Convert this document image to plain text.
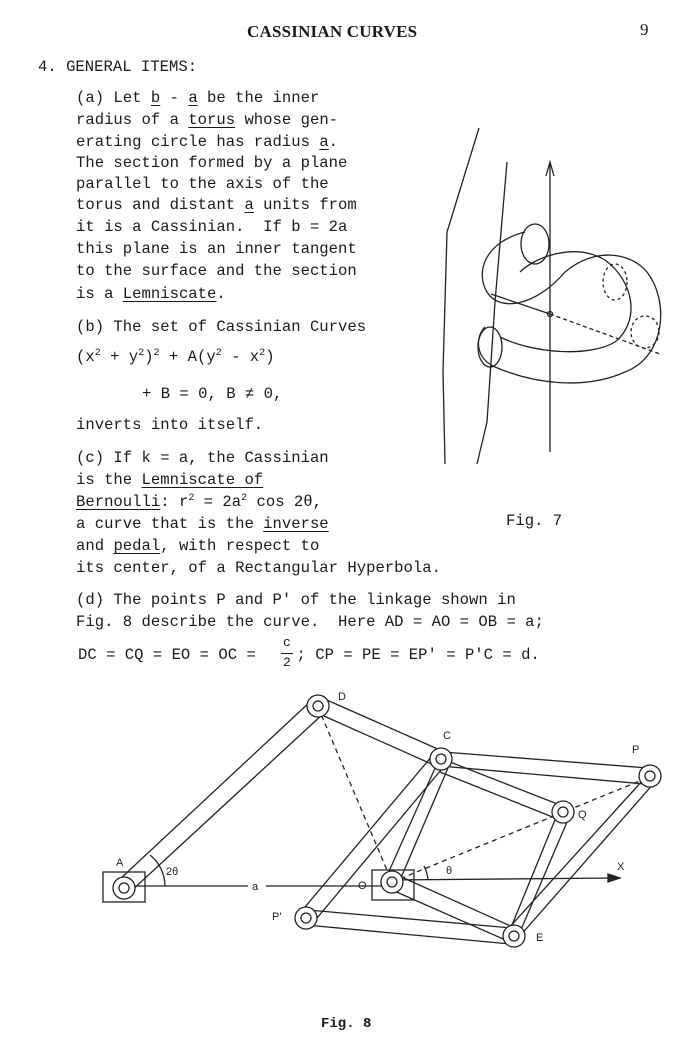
CASSINIAN CURVES	9
4. GENERAL ITEMS:
(a) Let b - a be the inner
radius of a torus whose gen-
erating circle has radius a.
The section formed by a plane
parallel to the axis of the
torus and distant a units from
it is a Cassinian.  If b = 2a
this plane is an inner tangent
to the surface and the section
is a Lemniscate.
(b) The set of Cassinian Curves
$(x^2 + y^2)^2 + A(y^2 - x^2)$
+ B = 0, B ≠ 0,
inverts into itself.
(c) If k = a, the Cassinian
is the Lemniscate of
Bernoulli: $r^2 = 2a^2$ cos 2θ,
a curve that is the inverse
and pedal, with respect to
its center, of a Rectangular Hyperbola.
Fig. 7
(d) The points P and P' of the linkage shown in
Fig. 8 describe the curve.  Here AD = AO = OB = a;
DC = CQ = EO = OC =  ; CP = PE = EP' = P'C = d.
c
2
D
C
P
Q
A
O
P'
E
X
a
2θ	θ
Fig. 8
